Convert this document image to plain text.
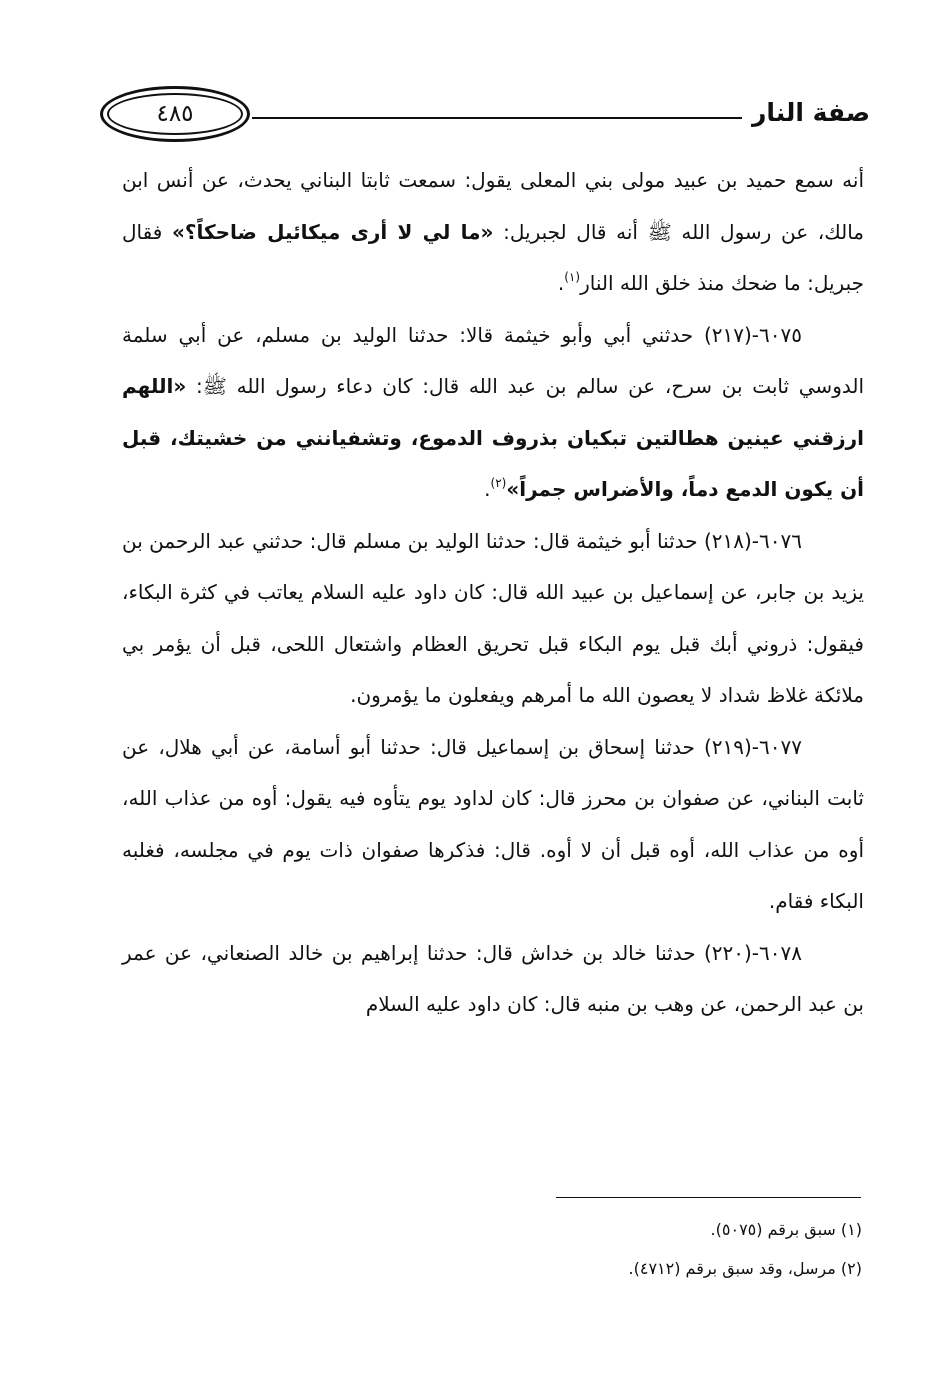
صفة النار
٤٨٥

أنه سمع حميد بن عبيد مولى بني المعلى يقول: سمعت ثابتا البناني يحدث، عن أنس ابن مالك، عن رسول الله ﷺ أنه قال لجبريل: «ما لي لا أرى ميكائيل ضاحكاً؟» فقال جبريل: ما ضحك منذ خلق الله النار$^{(١)}$.

٦٠٧٥-(٢١٧) حدثني أبي وأبو خيثمة قالا: حدثنا الوليد بن مسلم، عن أبي سلمة الدوسي ثابت بن سرح، عن سالم بن عبد الله قال: كان دعاء رسول الله ﷺ: «اللهم ارزقني عينين هطالتين تبكيان بذروف الدموع، وتشفيانني من خشيتك، قبل أن يكون الدمع دماً، والأضراس جمراً»$^{(٢)}$.

٦٠٧٦-(٢١٨) حدثنا أبو خيثمة قال: حدثنا الوليد بن مسلم قال: حدثني عبد الرحمن بن يزيد بن جابر، عن إسماعيل بن عبيد الله قال: كان داود عليه السلام يعاتب في كثرة البكاء، فيقول: ذروني أبك قبل يوم البكاء قبل تحريق العظام واشتعال اللحى، قبل أن يؤمر بي ملائكة غلاظ شداد لا يعصون الله ما أمرهم ويفعلون ما يؤمرون.

٦٠٧٧-(٢١٩) حدثنا إسحاق بن إسماعيل قال: حدثنا أبو أسامة، عن أبي هلال، عن ثابت البناني، عن صفوان بن محرز قال: كان لداود يوم يتأوه فيه يقول: أوه من عذاب الله، أوه من عذاب الله، أوه قبل أن لا أوه. قال: فذكرها صفوان ذات يوم في مجلسه، فغلبه البكاء فقام.

٦٠٧٨-(٢٢٠) حدثنا خالد بن خداش قال: حدثنا إبراهيم بن خالد الصنعاني، عن عمر بن عبد الرحمن، عن وهب بن منبه قال: كان داود عليه السلام

(١) سبق برقم (٥٠٧٥).

(٢) مرسل، وقد سبق برقم (٤٧١٢).
